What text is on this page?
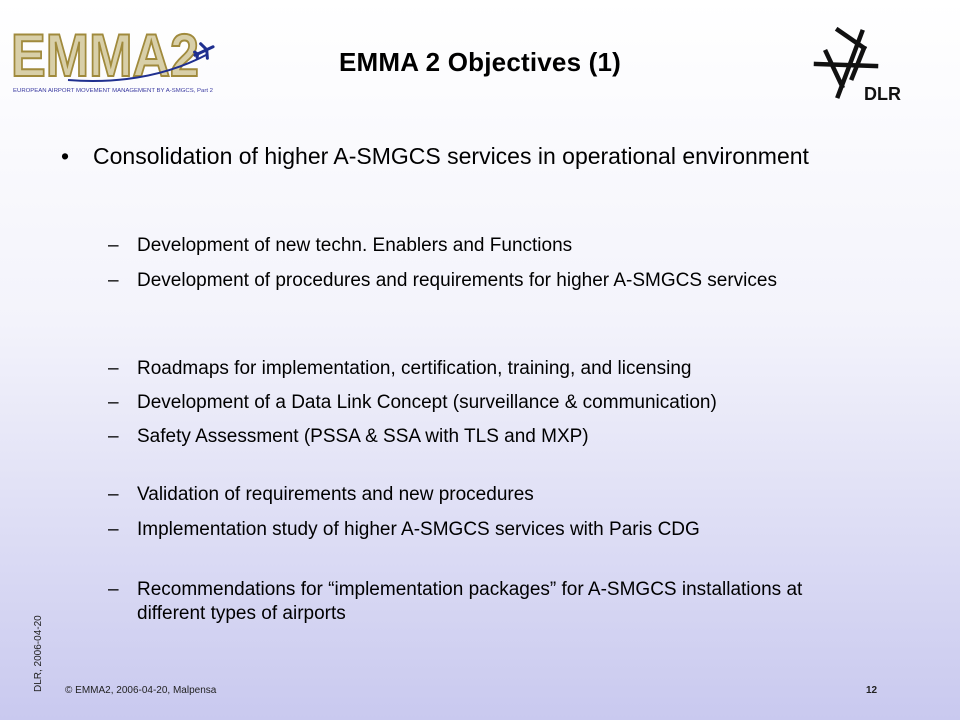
EMMA2
EUROPEAN AIRPORT MOVEMENT MANAGEMENT BY A-SMGCS, Part 2	DLR
EMMA 2 Objectives (1)
• Consolidation of higher A-SMGCS services in operational environment
– Development of new techn. Enablers and Functions
– Development of procedures and requirements for higher A-SMGCS services
– Roadmaps for implementation, certification, training, and licensing
– Development of a Data Link Concept (surveillance & communication)
– Safety Assessment (PSSA & SSA with TLS and MXP)
– Validation of requirements and new procedures
– Implementation study of higher A-SMGCS services with Paris CDG
– Recommendations for “implementation packages” for A-SMGCS installations at different types of airports
DLR, 2006-04-20 © EMMA2, 2006-04-20, Malpensa	12
